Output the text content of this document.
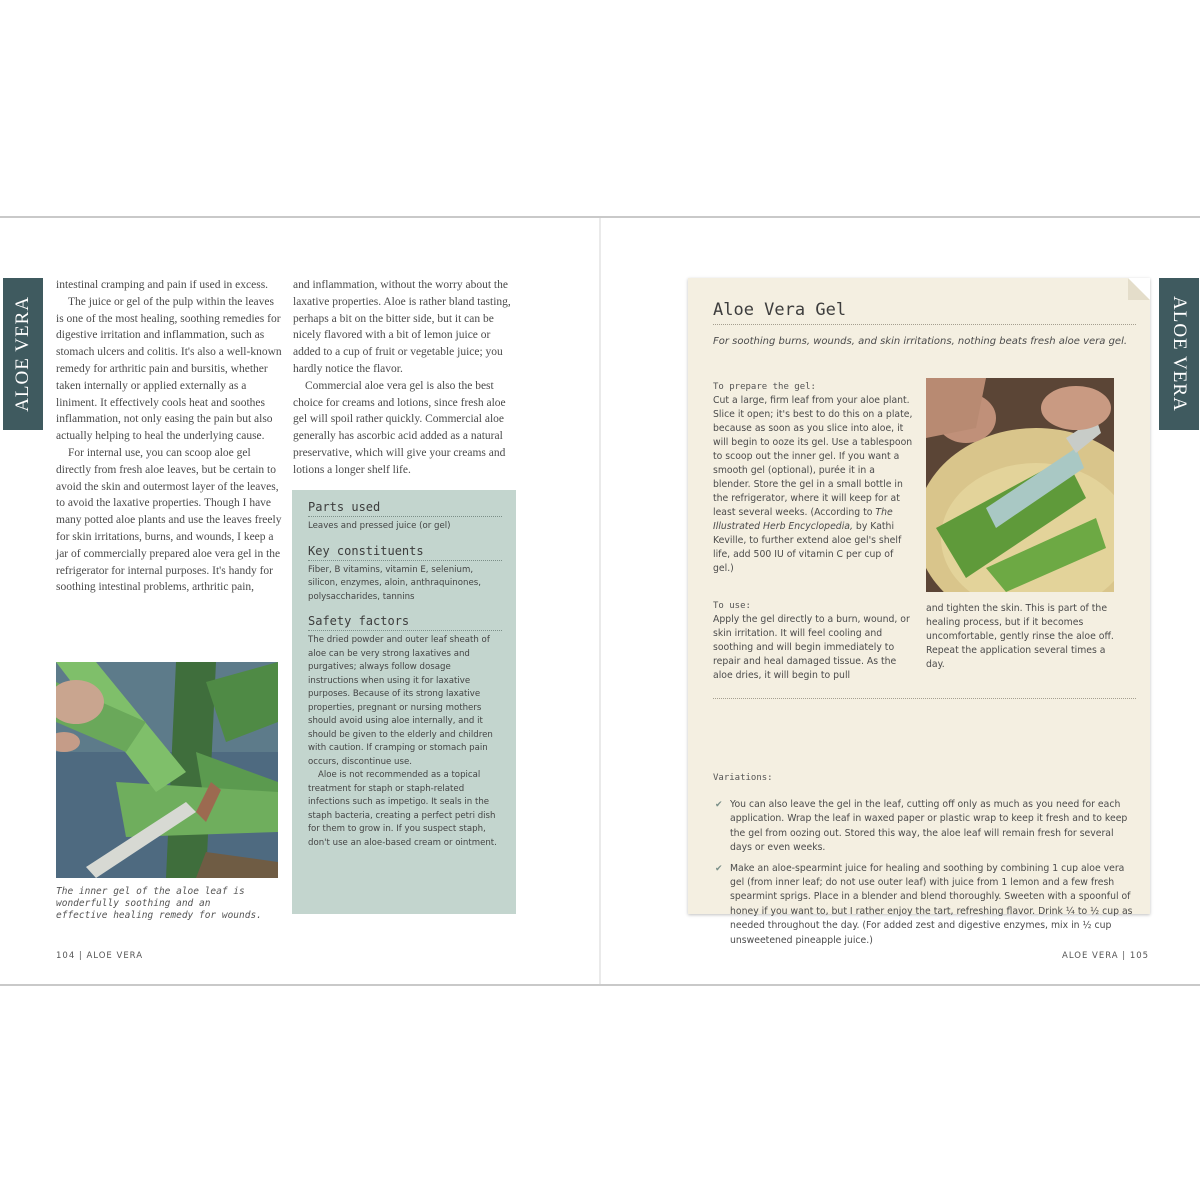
ALOE VERA

intestinal cramping and pain if used in excess.

The juice or gel of the pulp within the leaves is one of the most healing, soothing remedies for digestive irritation and inflammation, such as stomach ulcers and colitis. It's also a well-known remedy for arthritic pain and bursitis, whether taken internally or applied externally as a liniment. It effectively cools heat and soothes inflammation, not only easing the pain but also actually helping to heal the underlying cause.

For internal use, you can scoop aloe gel directly from fresh aloe leaves, but be certain to avoid the skin and outermost layer of the leaves, to avoid the laxative properties. Though I have many potted aloe plants and use the leaves freely for skin irritations, burns, and wounds, I keep a jar of commercially prepared aloe vera gel in the refrigerator for internal purposes. It's handy for soothing intestinal problems, arthritic pain,

and inflammation, without the worry about the laxative properties. Aloe is rather bland tasting, perhaps a bit on the bitter side, but it can be nicely flavored with a bit of lemon juice or added to a cup of fruit or vegetable juice; you hardly notice the flavor.

Commercial aloe vera gel is also the best choice for creams and lotions, since fresh aloe gel will spoil rather quickly. Commercial aloe generally has ascorbic acid added as a natural preservative, which will give your creams and lotions a longer shelf life.

The inner gel of the aloe leaf is wonderfully soothing and an effective healing remedy for wounds.
Parts used
Leaves and pressed juice (or gel)
Key constituents
Fiber, B vitamins, vitamin E, selenium, silicon, enzymes, aloin, anthraquinones, polysaccharides, tannins
Safety factors

The dried powder and outer leaf sheath of aloe can be very strong laxatives and purgatives; always follow dosage instructions when using it for laxative purposes. Because of its strong laxative properties, pregnant or nursing mothers should avoid using aloe internally, and it should be given to the elderly and children with caution. If cramping or stomach pain occurs, discontinue use.

Aloe is not recommended as a topical treatment for staph or staph-related infections such as impetigo. It seals in the staph bacteria, creating a perfect petri dish for them to grow in. If you suspect staph, don't use an aloe-based cream or ointment.

104 | ALOE VERA
ALOE VERA
Aloe Vera Gel
For soothing burns, wounds, and skin irritations, nothing beats fresh aloe vera gel.
To prepare the gel:

Cut a large, firm leaf from your aloe plant. Slice it open; it's best to do this on a plate, because as soon as you slice into aloe, it will begin to ooze its gel. Use a tablespoon to scoop out the inner gel. If you want a smooth gel (optional), purée it in a blender. Store the gel in a small bottle in the refrigerator, where it will keep for at least several weeks. (According to The Illustrated Herb Encyclopedia, by Kathi Keville, to further extend aloe gel's shelf life, add 500 IU of vitamin C per cup of gel.)

To use:
Apply the gel directly to a burn, wound, or skin irritation. It will feel cooling and soothing and will begin immediately to repair and heal damaged tissue. As the aloe dries, it will begin to pull
and tighten the skin. This is part of the healing process, but if it becomes uncomfortable, gently rinse the aloe off. Repeat the application several times a day.
Variations:
✔ You can also leave the gel in the leaf, cutting off only as much as you need for each application. Wrap the leaf in waxed paper or plastic wrap to keep it fresh and to keep the gel from oozing out. Stored this way, the aloe leaf will remain fresh for several days or even weeks.
✔ Make an aloe-spearmint juice for healing and soothing by combining 1 cup aloe vera gel (from inner leaf; do not use outer leaf) with juice from 1 lemon and a few fresh spearmint sprigs. Place in a blender and blend thoroughly. Sweeten with a spoonful of honey if you want to, but I rather enjoy the tart, refreshing flavor. Drink ¼ to ½ cup as needed throughout the day. (For added zest and digestive enzymes, mix in ½ cup unsweetened pineapple juice.)
ALOE VERA | 105
